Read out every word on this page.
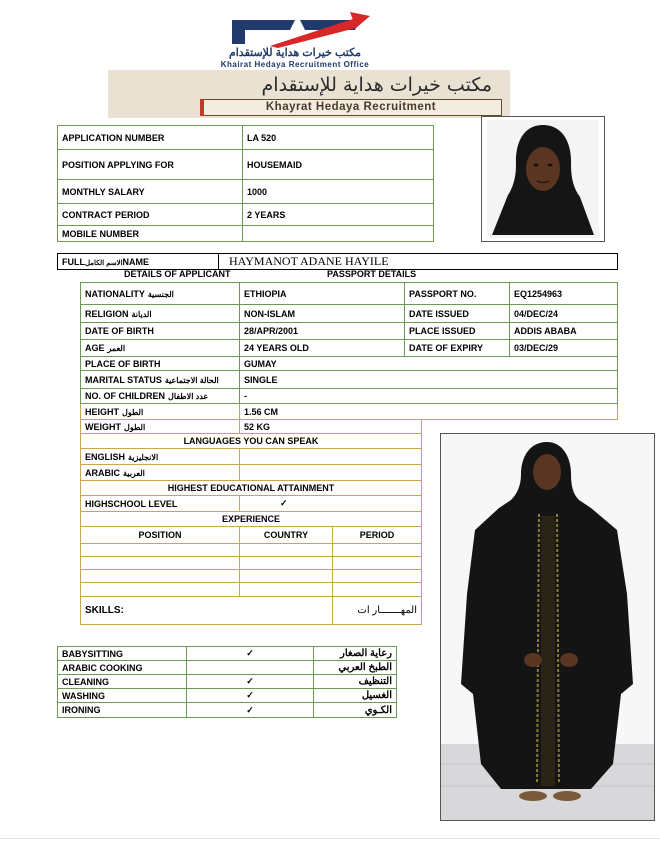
مكتب خيرات هداية للإستقدام
Khairat Hedaya Recruitment Office
مكتب خيرات هداية للإستقدام
Khayrat Hedaya Recruitment
APPLICATION NUMBER	LA 520
POSITION APPLYING FOR	HOUSEMAID
MONTHLY SALARY	1000
CONTRACT PERIOD	2 YEARS
MOBILE NUMBER	
FULLالاسم الكاملNAME	HAYMANOT ADANE HAYILE
DETAILS OF APPLICANT	PASSPORT DETAILS
NATIONALITY الجنسية	ETHIOPIA	PASSPORT NO.	EQ1254963
RELIGION الديانة	NON-ISLAM	DATE ISSUED	04/DEC/24
DATE OF BIRTH	28/APR/2001	PLACE ISSUED	ADDIS ABABA
AGE العمر	24 YEARS OLD	DATE OF EXPIRY	03/DEC/29
PLACE OF BIRTH	GUMAY		
MARITAL STATUS الحالة الاجتماعية	SINGLE		
NO. OF CHILDREN عدد الاطفال	-		
HEIGHT الطول	1.56 CM		
WEIGHT الطول	52 KG	
LANGUAGES YOU CAN SPEAK		
ENGLISH الانجليزية		
ARABIC العربية		
HIGHEST EDUCATIONAL ATTAINMENT		
HIGHSCHOOL LEVEL	✓	
EXPERIENCE		
POSITION	COUNTRY	PERIOD

SKILLS:		المهـــــــار ات
BABYSITTING	✓	رعاية الصغار
ARABIC COOKING		الطبخ العربي
CLEANING	✓	التنظيف
WASHING	✓	الغسيل
IRONING	✓	الكـوي
